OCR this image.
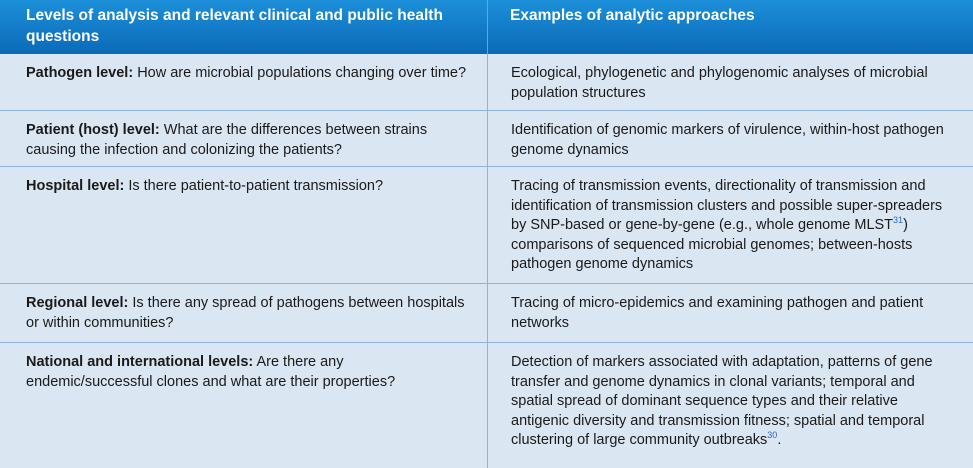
Levels of analysis and relevant clinical and public health questions
Examples of analytic approaches
Pathogen level: How are microbial populations changing over time?	Ecological, phylogenetic and phylogenomic analyses of microbial population structures
Patient (host) level: What are the differences between strains causing the infection and colonizing the patients?
Identification of genomic markers of virulence, within-host pathogen genome dynamics
Hospital level: Is there patient-to-patient transmission?	Tracing of transmission events, directionality of transmission and identification of transmission clusters and possible super-spreaders by SNP-based or gene-by-gene (e.g., whole genome MLST$^{31}$) comparisons of sequenced microbial genomes; between-hosts pathogen genome dynamics
Regional level: Is there any spread of pathogens between hospitals or within communities?
Tracing of micro-epidemics and examining pathogen and patient networks
National and international levels: Are there any endemic/successful clones and what are their properties?
Detection of markers associated with adaptation, patterns of gene transfer and genome dynamics in clonal variants; temporal and spatial spread of dominant sequence types and their relative antigenic diversity and transmission fitness; spatial and temporal clustering of large community outbreaks$^{30}$.
